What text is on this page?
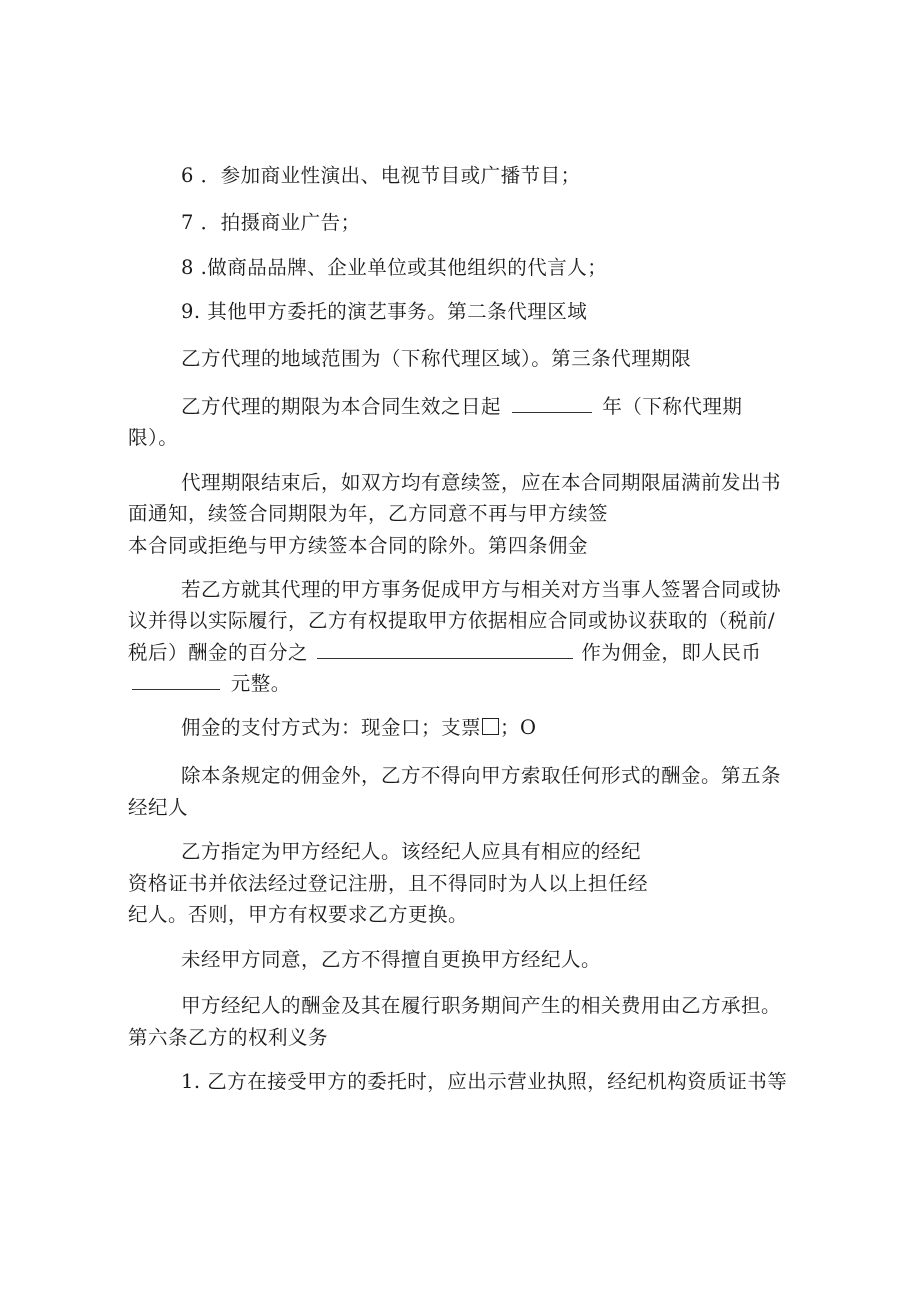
6 ．参加商业性演出、电视节目或广播节目；
7 ．拍摄商业广告；
8 .做商品品牌、企业单位或其他组织的代言人；
9. 其他甲方委托的演艺事务。第二条代理区域
乙方代理的地域范围为（下称代理区域）。第三条代理期限
乙方代理的期限为本合同生效之日起	年（下称代理期
限）。
代理期限结束后，如双方均有意续签，应在本合同期限届满前发出书
面通知，续签合同期限为年，乙方同意不再与甲方续签
本合同或拒绝与甲方续签本合同的除外。第四条佣金
若乙方就其代理的甲方事务促成甲方与相关对方当事人签署合同或协
议并得以实际履行，乙方有权提取甲方依据相应合同或协议获取的（税前/
税后）酬金的百分之	作为佣金，即人民币
元整。
佣金的支付方式为：现金口；支票 ；O
除本条规定的佣金外，乙方不得向甲方索取任何形式的酬金。第五条
经纪人
乙方指定为甲方经纪人。该经纪人应具有相应的经纪
资格证书并依法经过登记注册，且不得同时为人以上担任经
纪人。否则，甲方有权要求乙方更换。
未经甲方同意，乙方不得擅自更换甲方经纪人。
甲方经纪人的酬金及其在履行职务期间产生的相关费用由乙方承担。
第六条乙方的权利义务
1. 乙方在接受甲方的委托时，应出示营业执照，经纪机构资质证书等
